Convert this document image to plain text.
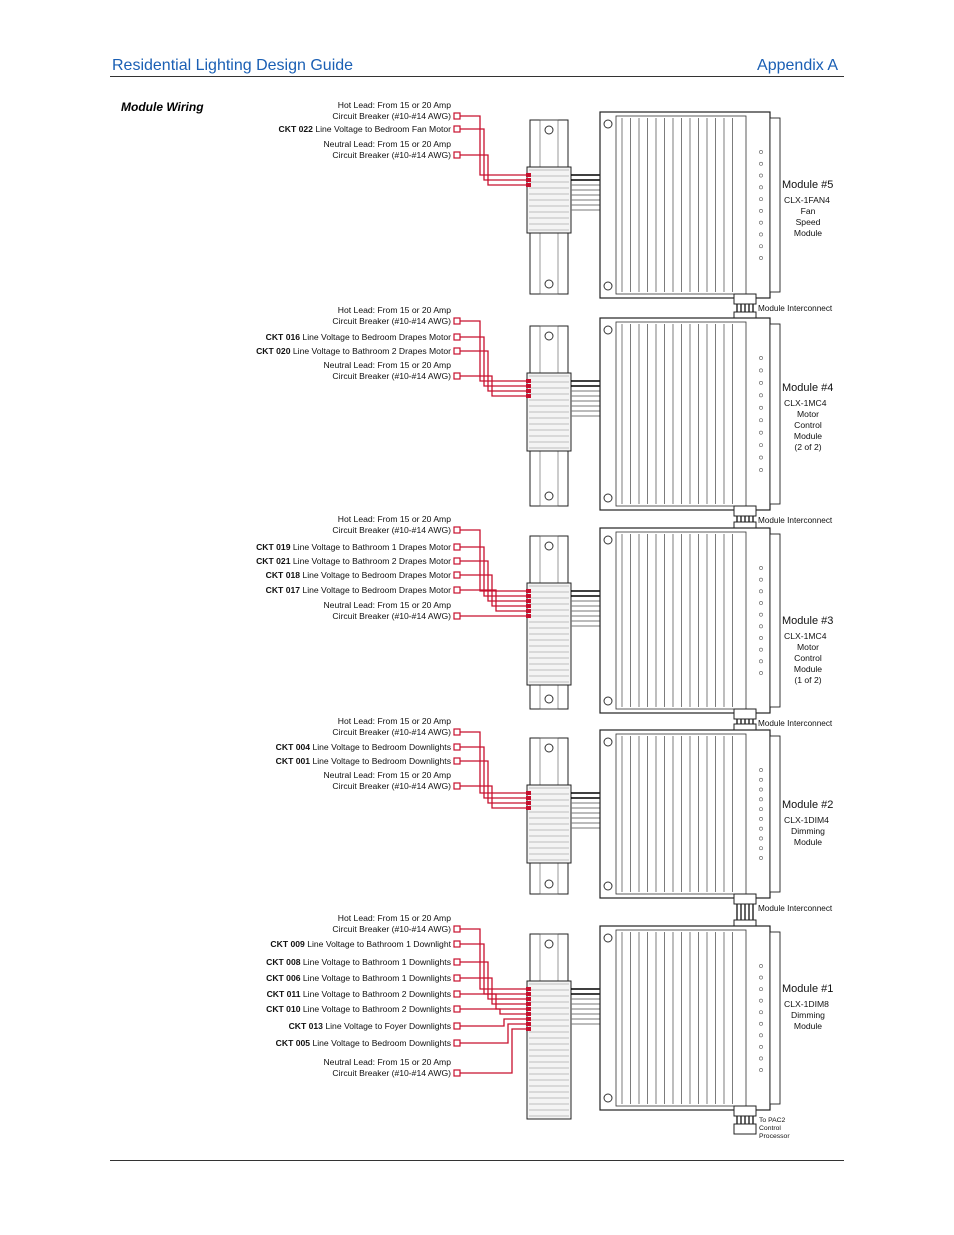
Residential Lighting Design Guide	Appendix A
Module Wiring
Module Interconnect
Module #5
CLX-1FAN4
Fan
Speed
Module
Hot Lead: From 15 or 20 Amp
Circuit Breaker (#10-#14 AWG)
CKT 022 Line Voltage to Bedroom Fan Motor
Neutral Lead: From 15 or 20 Amp
Circuit Breaker (#10-#14 AWG)
Module Interconnect
Module #4
CLX-1MC4
Motor
Control
Module
(2 of 2)
Hot Lead: From 15 or 20 Amp
Circuit Breaker (#10-#14 AWG)
CKT 016 Line Voltage to Bedroom Drapes Motor
CKT 020 Line Voltage to Bathroom 2 Drapes Motor
Neutral Lead: From 15 or 20 Amp
Circuit Breaker (#10-#14 AWG)
Module Interconnect
Module #3
CLX-1MC4
Motor
Control
Module
(1 of 2)
Hot Lead: From 15 or 20 Amp
Circuit Breaker (#10-#14 AWG)
CKT 019 Line Voltage to Bathroom 1 Drapes Motor
CKT 021 Line Voltage to Bathroom 2 Drapes Motor
CKT 018 Line Voltage to Bedroom Drapes Motor
CKT 017 Line Voltage to Bedroom Drapes Motor
Neutral Lead: From 15 or 20 Amp
Circuit Breaker (#10-#14 AWG)
Module Interconnect
Module #2
CLX-1DIM4
Dimming
Module
Hot Lead: From 15 or 20 Amp
Circuit Breaker (#10-#14 AWG)
CKT 004 Line Voltage to Bedroom Downlights
CKT 001 Line Voltage to Bedroom Downlights
Neutral Lead: From 15 or 20 Amp
Circuit Breaker (#10-#14 AWG)
Module #1
CLX-1DIM8
Dimming
Module
Hot Lead: From 15 or 20 Amp
Circuit Breaker (#10-#14 AWG)
CKT 009 Line Voltage to Bathroom 1 Downlight
CKT 008 Line Voltage to Bathroom 1 Downlights
CKT 006 Line Voltage to Bathroom 1 Downlights
CKT 011 Line Voltage to Bathroom 2 Downlights
CKT 010 Line Voltage to Bathroom 2 Downlights
CKT 013 Line Voltage to Foyer Downlights
CKT 005 Line Voltage to Bedroom Downlights
Neutral Lead: From 15 or 20 Amp
Circuit Breaker (#10-#14 AWG)
To PAC2
Control
Processor
